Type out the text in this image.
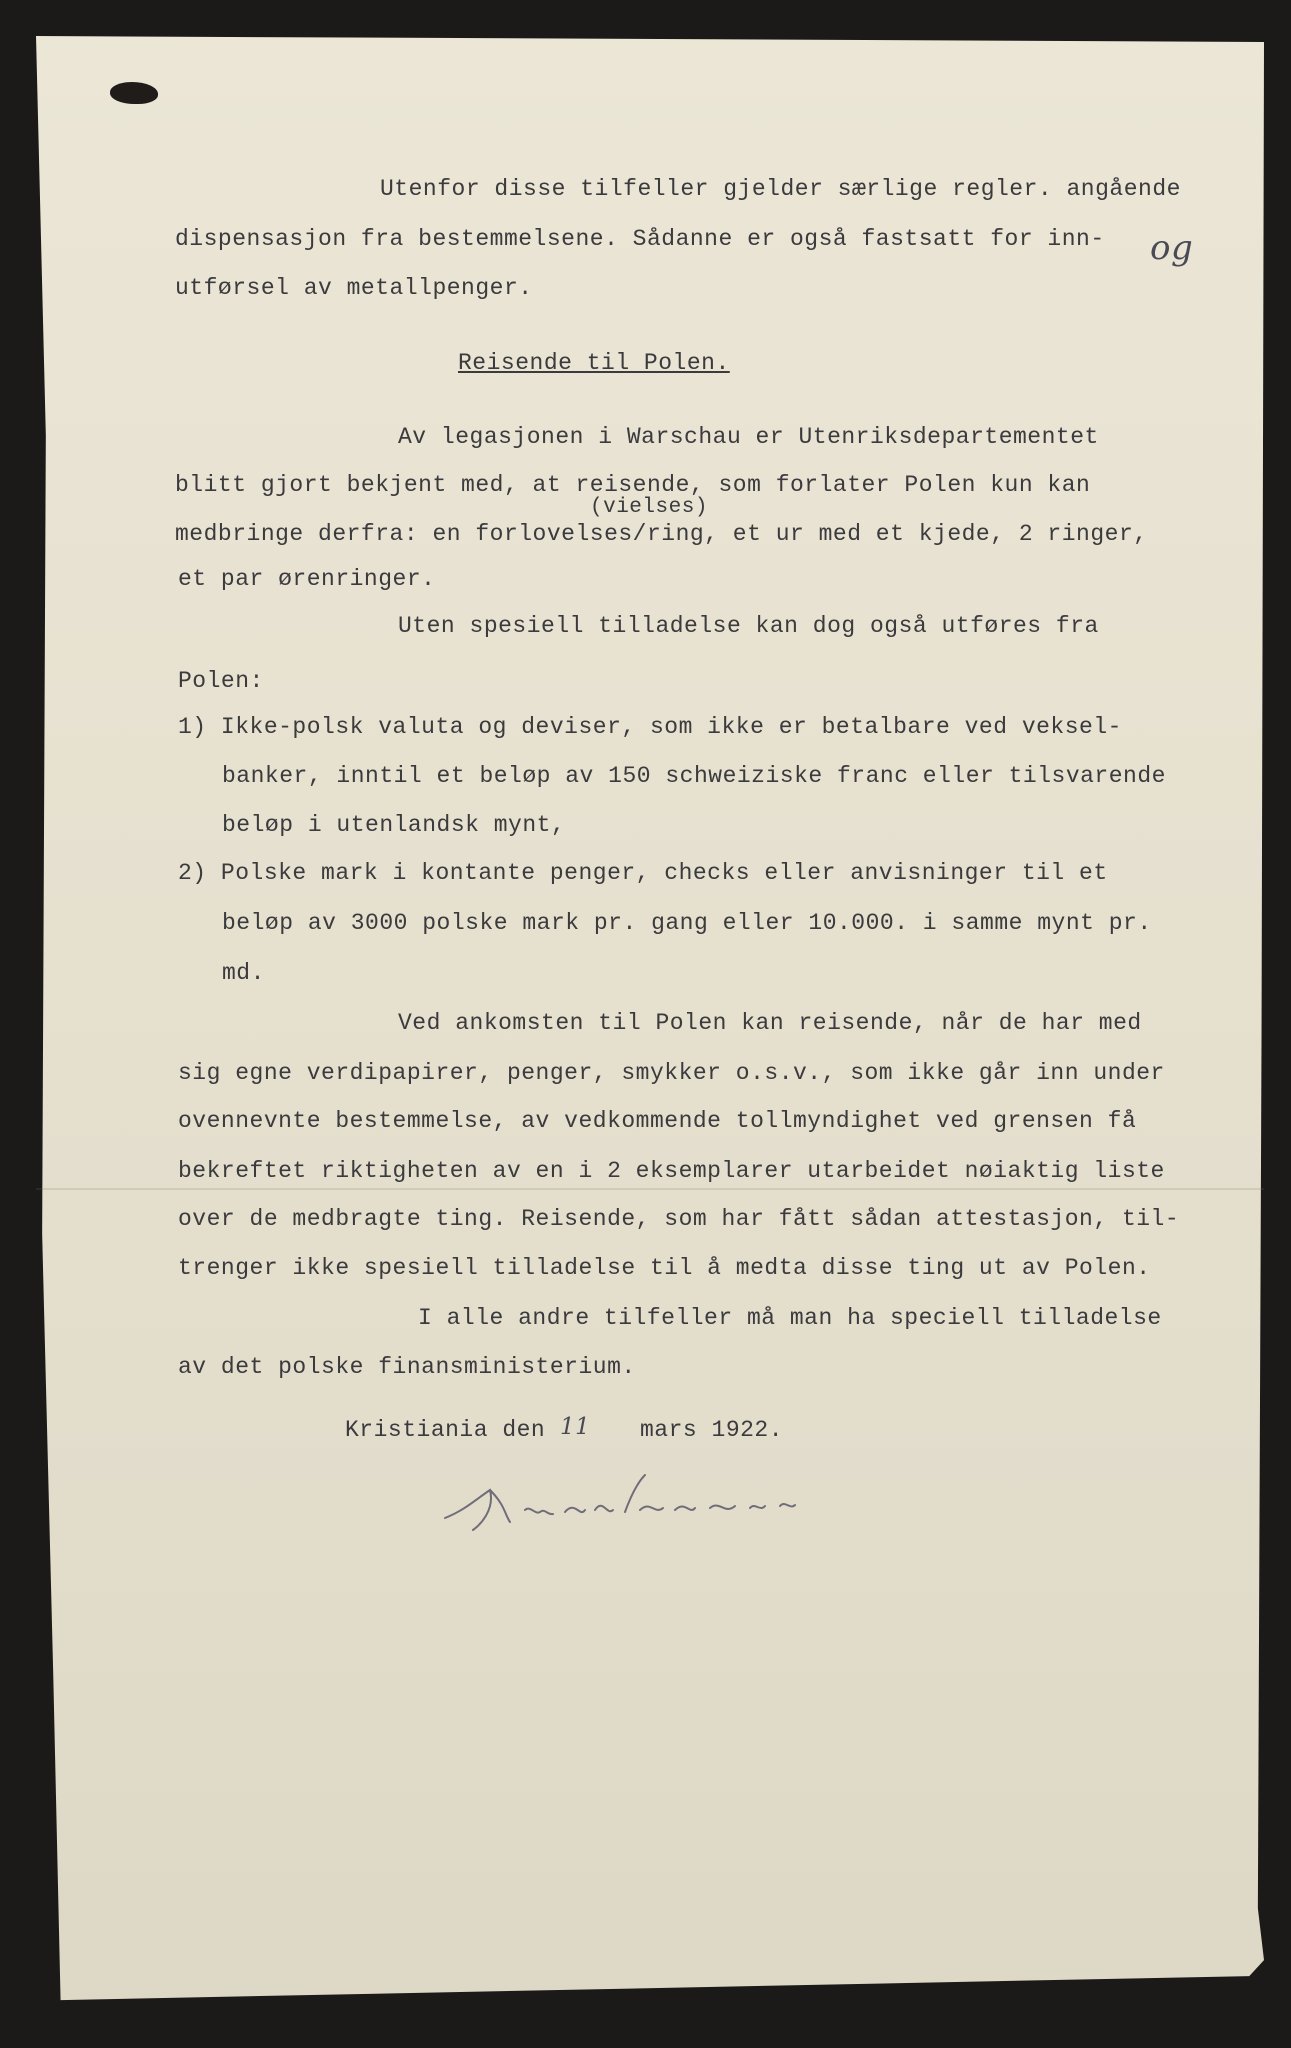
Utenfor disse tilfeller gjelder særlige regler. angående

dispensasjon fra bestemmelsene. Sådanne er også fastsatt for inn-

utførsel av metallpenger.

Reisende til Polen.

Av legasjonen i Warschau er Utenriksdepartementet

blitt gjort bekjent med, at reisende, som forlater Polen kun kan

(vielses)

medbringe derfra: en forlovelses/ring, et ur med et kjede, 2 ringer,

et par ørenringer.

Uten spesiell tilladelse kan dog også utføres fra

Polen:

1) Ikke-polsk valuta og deviser, som ikke er betalbare ved veksel-

banker, inntil et beløp av 150 schweiziske franc eller tilsvarende

beløp i utenlandsk mynt,

2) Polske mark i kontante penger, checks eller anvisninger til et

beløp av 3000 polske mark pr. gang eller 10.000. i samme mynt pr.

md.

Ved ankomsten til Polen kan reisende, når de har med

sig egne verdipapirer, penger, smykker o.s.v., som ikke går inn under

ovennevnte bestemmelse, av vedkommende tollmyndighet ved grensen få

bekreftet riktigheten av en i 2 eksemplarer utarbeidet nøiaktig liste

over de medbragte ting. Reisende, som har fått sådan attestasjon, til-

trenger ikke spesiell tilladelse til å medta disse ting ut av Polen.

I alle andre tilfeller må man ha speciell tilladelse

av det polske finansministerium.

Kristiania den 11 mars 1922.

og
